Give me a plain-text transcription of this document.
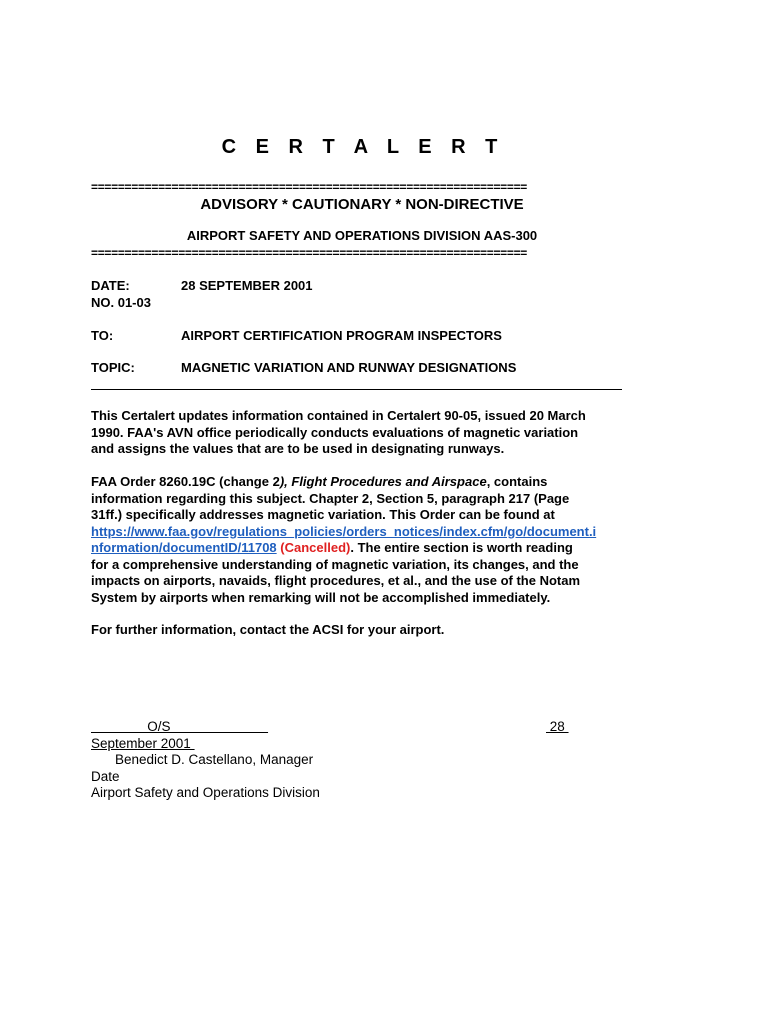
C E R T A L E R T
=================================================================
ADVISORY * CAUTIONARY * NON-DIRECTIVE
AIRPORT SAFETY AND OPERATIONS DIVISION AAS-300
=================================================================
DATE:	28 SEPTEMBER 2001
NO. 01-03
TO:	AIRPORT CERTIFICATION PROGRAM INSPECTORS
TOPIC:	MAGNETIC VARIATION AND RUNWAY DESIGNATIONS
This Certalert updates information contained in Certalert 90-05, issued 20 March
1990. FAA's AVN office periodically conducts evaluations of magnetic variation
and assigns the values that are to be used in designating runways.
FAA Order 8260.19C (change 2), Flight Procedures and Airspace, contains
information regarding this subject. Chapter 2, Section 5, paragraph 217 (Page
31ff.) specifically addresses magnetic variation. This Order can be found at
https://www.faa.gov/regulations_policies/orders_notices/index.cfm/go/document.i
nformation/documentID/11708 (Cancelled). The entire section is worth reading
for a comprehensive understanding of magnetic variation, its changes, and the
impacts on airports, navaids, flight procedures, et al., and the use of the Notam
System by airports when remarking will not be accomplished immediately.
For further information, contact the ACSI for your airport.
O/S	28
September 2001
Benedict D. Castellano, Manager
Date
Airport Safety and Operations Division
